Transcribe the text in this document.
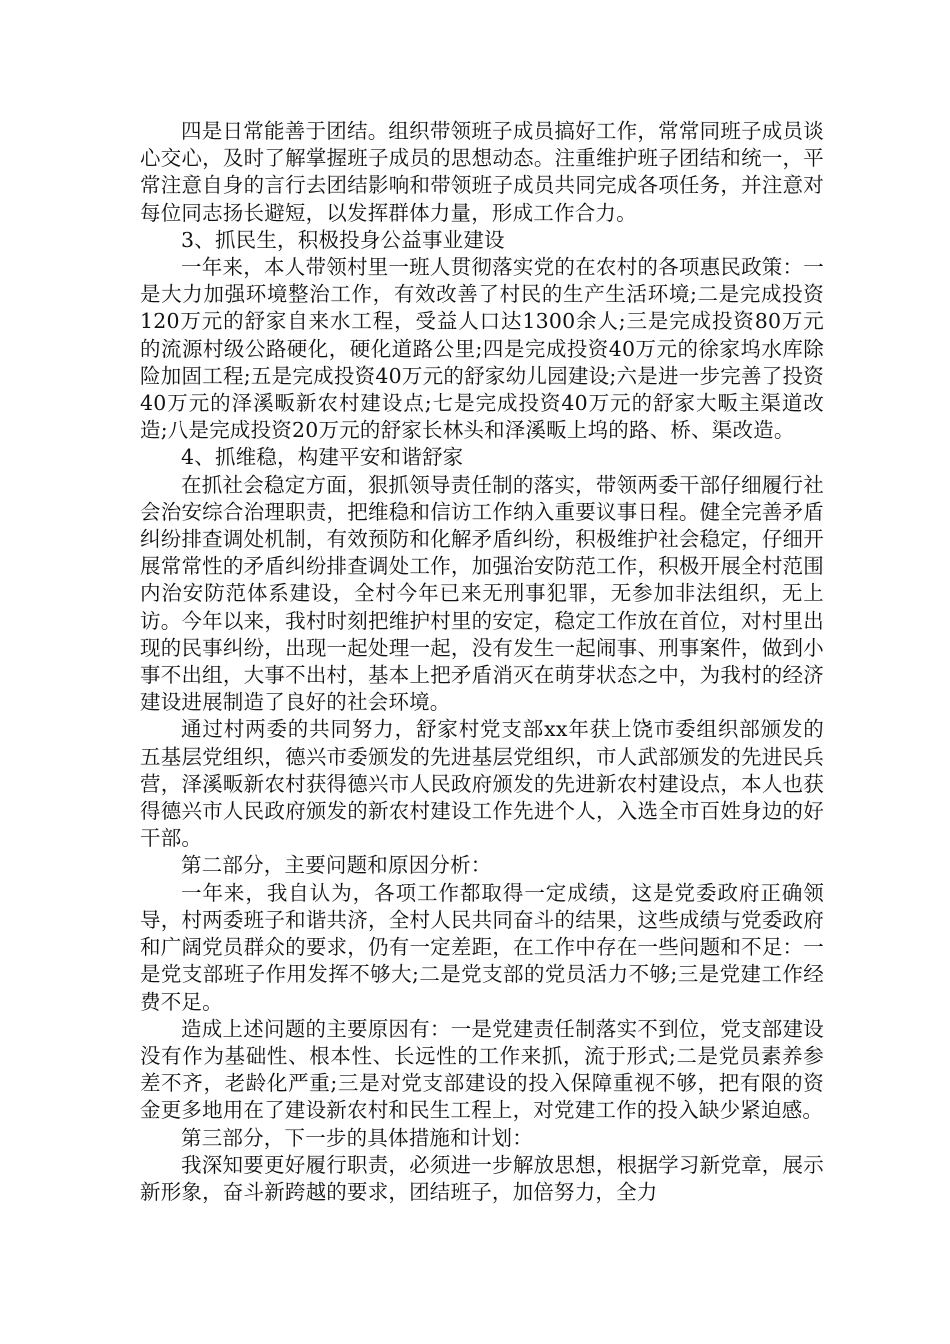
四是日常能善于团结。组织带领班子成员搞好工作，常常同班子成员谈心交心，及时了解掌握班子成员的思想动态。注重维护班子团结和统一，平常注意自身的言行去团结影响和带领班子成员共同完成各项任务，并注意对每位同志扬长避短，以发挥群体力量，形成工作合力。

3、抓民生，积极投身公益事业建设

一年来，本人带领村里一班人贯彻落实党的在农村的各项惠民政策：一是大力加强环境整治工作，有效改善了村民的生产生活环境;二是完成投资120万元的舒家自来水工程，受益人口达1300余人;三是完成投资80万元的流源村级公路硬化，硬化道路公里;四是完成投资40万元的徐家坞水库除险加固工程;五是完成投资40万元的舒家幼儿园建设;六是进一步完善了投资40万元的泽溪畈新农村建设点;七是完成投资40万元的舒家大畈主渠道改造;八是完成投资20万元的舒家长林头和泽溪畈上坞的路、桥、渠改造。

4、抓维稳，构建平安和谐舒家

在抓社会稳定方面，狠抓领导责任制的落实，带领两委干部仔细履行社会治安综合治理职责，把维稳和信访工作纳入重要议事日程。健全完善矛盾纠纷排查调处机制，有效预防和化解矛盾纠纷，积极维护社会稳定，仔细开展常常性的矛盾纠纷排查调处工作，加强治安防范工作，积极开展全村范围内治安防范体系建设，全村今年已来无刑事犯罪，无参加非法组织，无上访。今年以来，我村时刻把维护村里的安定，稳定工作放在首位，对村里出现的民事纠纷，出现一起处理一起，没有发生一起闹事、刑事案件，做到小事不出组，大事不出村，基本上把矛盾消灭在萌芽状态之中，为我村的经济建设进展制造了良好的社会环境。

通过村两委的共同努力，舒家村党支部xx年获上饶市委组织部颁发的五基层党组织，德兴市委颁发的先进基层党组织，市人武部颁发的先进民兵营，泽溪畈新农村获得德兴市人民政府颁发的先进新农村建设点，本人也获得德兴市人民政府颁发的新农村建设工作先进个人，入选全市百姓身边的好干部。

第二部分，主要问题和原因分析：

一年来，我自认为，各项工作都取得一定成绩，这是党委政府正确领导，村两委班子和谐共济，全村人民共同奋斗的结果，这些成绩与党委政府和广阔党员群众的要求，仍有一定差距，在工作中存在一些问题和不足：一是党支部班子作用发挥不够大;二是党支部的党员活力不够;三是党建工作经费不足。

造成上述问题的主要原因有：一是党建责任制落实不到位，党支部建设没有作为基础性、根本性、长远性的工作来抓，流于形式;二是党员素养参差不齐，老龄化严重;三是对党支部建设的投入保障重视不够，把有限的资金更多地用在了建设新农村和民生工程上，对党建工作的投入缺少紧迫感。

第三部分，下一步的具体措施和计划：

我深知要更好履行职责，必须进一步解放思想，根据学习新党章，展示新形象，奋斗新跨越的要求，团结班子，加倍努力，全力
